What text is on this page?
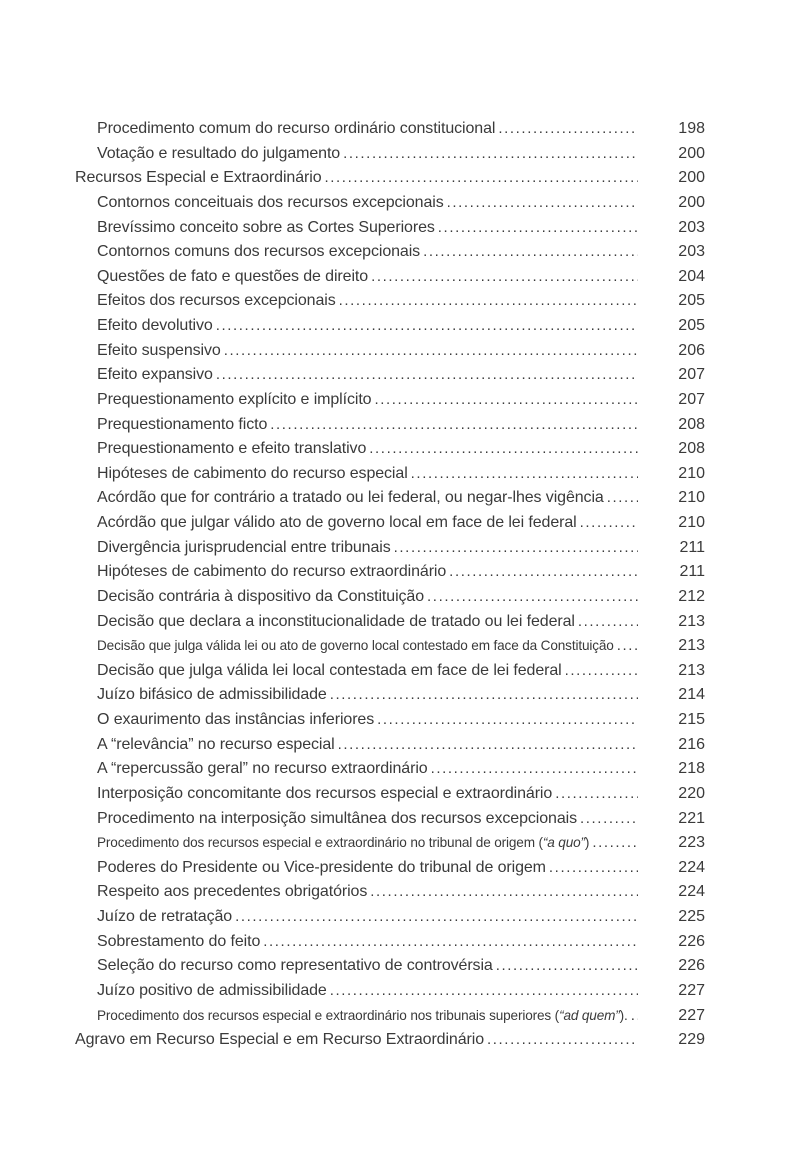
Procedimento comum do recurso ordinário constitucional .....	198
Votação e resultado do julgamento .....	200
Recursos Especial e Extraordinário .....	200
Contornos conceituais dos recursos excepcionais .....	200
Brevíssimo conceito sobre as Cortes Superiores .....	203
Contornos comuns dos recursos excepcionais .....	203
Questões de fato e questões de direito .....	204
Efeitos dos recursos excepcionais .....	205
Efeito devolutivo .....	205
Efeito suspensivo .....	206
Efeito expansivo .....	207
Prequestionamento explícito e implícito .....	207
Prequestionamento ficto .....	208
Prequestionamento e efeito translativo .....	208
Hipóteses de cabimento do recurso especial .....	210
Acórdão que for contrário a tratado ou lei federal, ou negar-lhes vigência .....	210
Acórdão que julgar válido ato de governo local em face de lei federal .....	210
Divergência jurisprudencial entre tribunais .....	211
Hipóteses de cabimento do recurso extraordinário .....	211
Decisão contrária à dispositivo da Constituição .....	212
Decisão que declara a inconstitucionalidade de tratado ou lei federal .....	213
Decisão que julga válida lei ou ato de governo local contestado em face da Constituição .....	213
Decisão que julga válida lei local contestada em face de lei federal .....	213
Juízo bifásico de admissibilidade .....	214
O exaurimento das instâncias inferiores .....	215
A “relevância” no recurso especial .....	216
A “repercussão geral” no recurso extraordinário .....	218
Interposição concomitante dos recursos especial e extraordinário .....	220
Procedimento na interposição simultânea dos recursos excepcionais .....	221
Procedimento dos recursos especial e extraordinário no tribunal de origem (“a quo”) .....	223
Poderes do Presidente ou Vice-presidente do tribunal de origem .....	224
Respeito aos precedentes obrigatórios .....	224
Juízo de retratação .....	225
Sobrestamento do feito .....	226
Seleção do recurso como representativo de controvérsia .....	226
Juízo positivo de admissibilidade .....	227
Procedimento dos recursos especial e extraordinário nos tribunais superiores (“ad quem”). .....	227
Agravo em Recurso Especial e em Recurso Extraordinário .....	229
